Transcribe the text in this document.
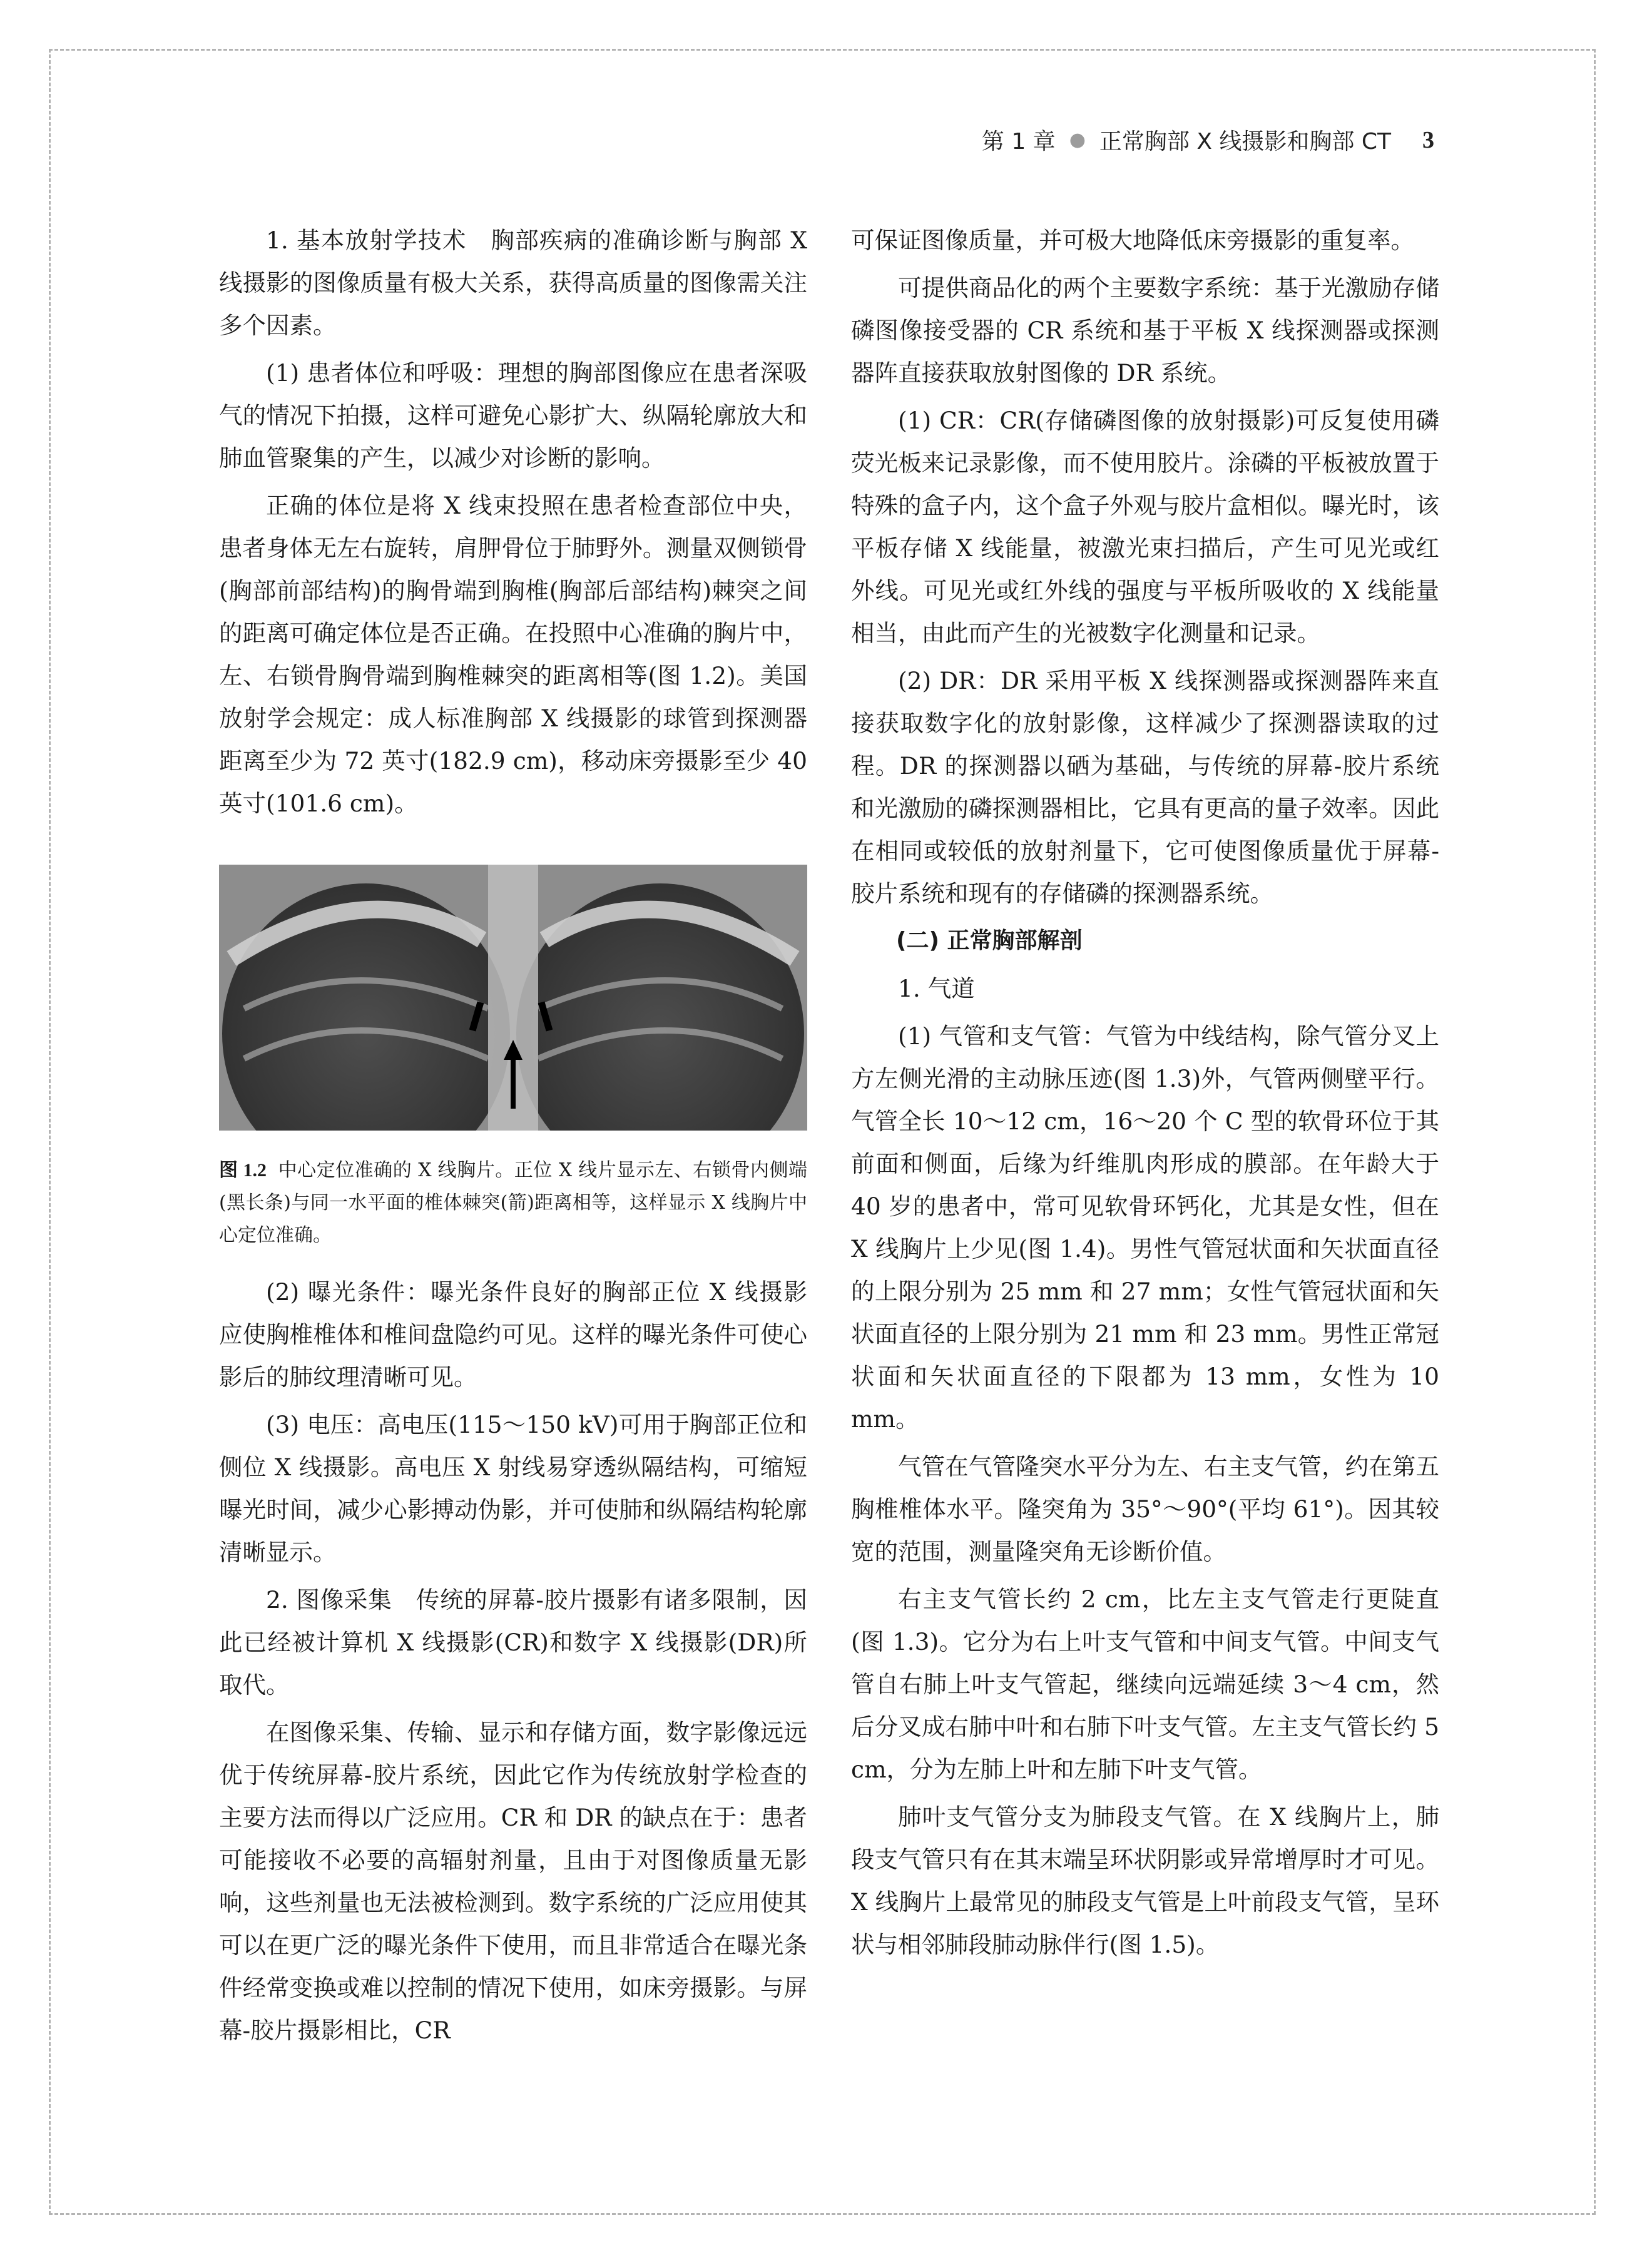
第 1 章 ● 正常胸部 X 线摄影和胸部 CT 3

1. 基本放射学技术　胸部疾病的准确诊断与胸部 X 线摄影的图像质量有极大关系，获得高质量的图像需关注多个因素。

(1) 患者体位和呼吸：理想的胸部图像应在患者深吸气的情况下拍摄，这样可避免心影扩大、纵隔轮廓放大和肺血管聚集的产生，以减少对诊断的影响。

正确的体位是将 X 线束投照在患者检查部位中央，患者身体无左右旋转，肩胛骨位于肺野外。测量双侧锁骨(胸部前部结构)的胸骨端到胸椎(胸部后部结构)棘突之间的距离可确定体位是否正确。在投照中心准确的胸片中，左、右锁骨胸骨端到胸椎棘突的距离相等(图 1.2)。美国放射学会规定：成人标准胸部 X 线摄影的球管到探测器距离至少为 72 英寸(182.9 cm)，移动床旁摄影至少 40 英寸(101.6 cm)。

图 1.2 中心定位准确的 X 线胸片。正位 X 线片显示左、右锁骨内侧端(黑长条)与同一水平面的椎体棘突(箭)距离相等，这样显示 X 线胸片中心定位准确。

(2) 曝光条件：曝光条件良好的胸部正位 X 线摄影应使胸椎椎体和椎间盘隐约可见。这样的曝光条件可使心影后的肺纹理清晰可见。

(3) 电压：高电压(115～150 kV)可用于胸部正位和侧位 X 线摄影。高电压 X 射线易穿透纵隔结构，可缩短曝光时间，减少心影搏动伪影，并可使肺和纵隔结构轮廓清晰显示。

2. 图像采集　传统的屏幕-胶片摄影有诸多限制，因此已经被计算机 X 线摄影(CR)和数字 X 线摄影(DR)所取代。

在图像采集、传输、显示和存储方面，数字影像远远优于传统屏幕-胶片系统，因此它作为传统放射学检查的主要方法而得以广泛应用。CR 和 DR 的缺点在于：患者可能接收不必要的高辐射剂量，且由于对图像质量无影响，这些剂量也无法被检测到。数字系统的广泛应用使其可以在更广泛的曝光条件下使用，而且非常适合在曝光条件经常变换或难以控制的情况下使用，如床旁摄影。与屏幕-胶片摄影相比，CR

可保证图像质量，并可极大地降低床旁摄影的重复率。

可提供商品化的两个主要数字系统：基于光激励存储磷图像接受器的 CR 系统和基于平板 X 线探测器或探测器阵直接获取放射图像的 DR 系统。

(1) CR：CR(存储磷图像的放射摄影)可反复使用磷荧光板来记录影像，而不使用胶片。涂磷的平板被放置于特殊的盒子内，这个盒子外观与胶片盒相似。曝光时，该平板存储 X 线能量，被激光束扫描后，产生可见光或红外线。可见光或红外线的强度与平板所吸收的 X 线能量相当，由此而产生的光被数字化测量和记录。

(2) DR：DR 采用平板 X 线探测器或探测器阵来直接获取数字化的放射影像，这样减少了探测器读取的过程。DR 的探测器以硒为基础，与传统的屏幕-胶片系统和光激励的磷探测器相比，它具有更高的量子效率。因此在相同或较低的放射剂量下，它可使图像质量优于屏幕-胶片系统和现有的存储磷的探测器系统。

(二) 正常胸部解剖

1. 气道

(1) 气管和支气管：气管为中线结构，除气管分叉上方左侧光滑的主动脉压迹(图 1.3)外，气管两侧壁平行。气管全长 10～12 cm，16～20 个 C 型的软骨环位于其前面和侧面，后缘为纤维肌肉形成的膜部。在年龄大于 40 岁的患者中，常可见软骨环钙化，尤其是女性，但在 X 线胸片上少见(图 1.4)。男性气管冠状面和矢状面直径的上限分别为 25 mm 和 27 mm；女性气管冠状面和矢状面直径的上限分别为 21 mm 和 23 mm。男性正常冠状面和矢状面直径的下限都为 13 mm，女性为 10 mm。

气管在气管隆突水平分为左、右主支气管，约在第五胸椎椎体水平。隆突角为 35°～90°(平均 61°)。因其较宽的范围，测量隆突角无诊断价值。

右主支气管长约 2 cm，比左主支气管走行更陡直(图 1.3)。它分为右上叶支气管和中间支气管。中间支气管自右肺上叶支气管起，继续向远端延续 3～4 cm，然后分叉成右肺中叶和右肺下叶支气管。左主支气管长约 5 cm，分为左肺上叶和左肺下叶支气管。

肺叶支气管分支为肺段支气管。在 X 线胸片上，肺段支气管只有在其末端呈环状阴影或异常增厚时才可见。X 线胸片上最常见的肺段支气管是上叶前段支气管，呈环状与相邻肺段肺动脉伴行(图 1.5)。
